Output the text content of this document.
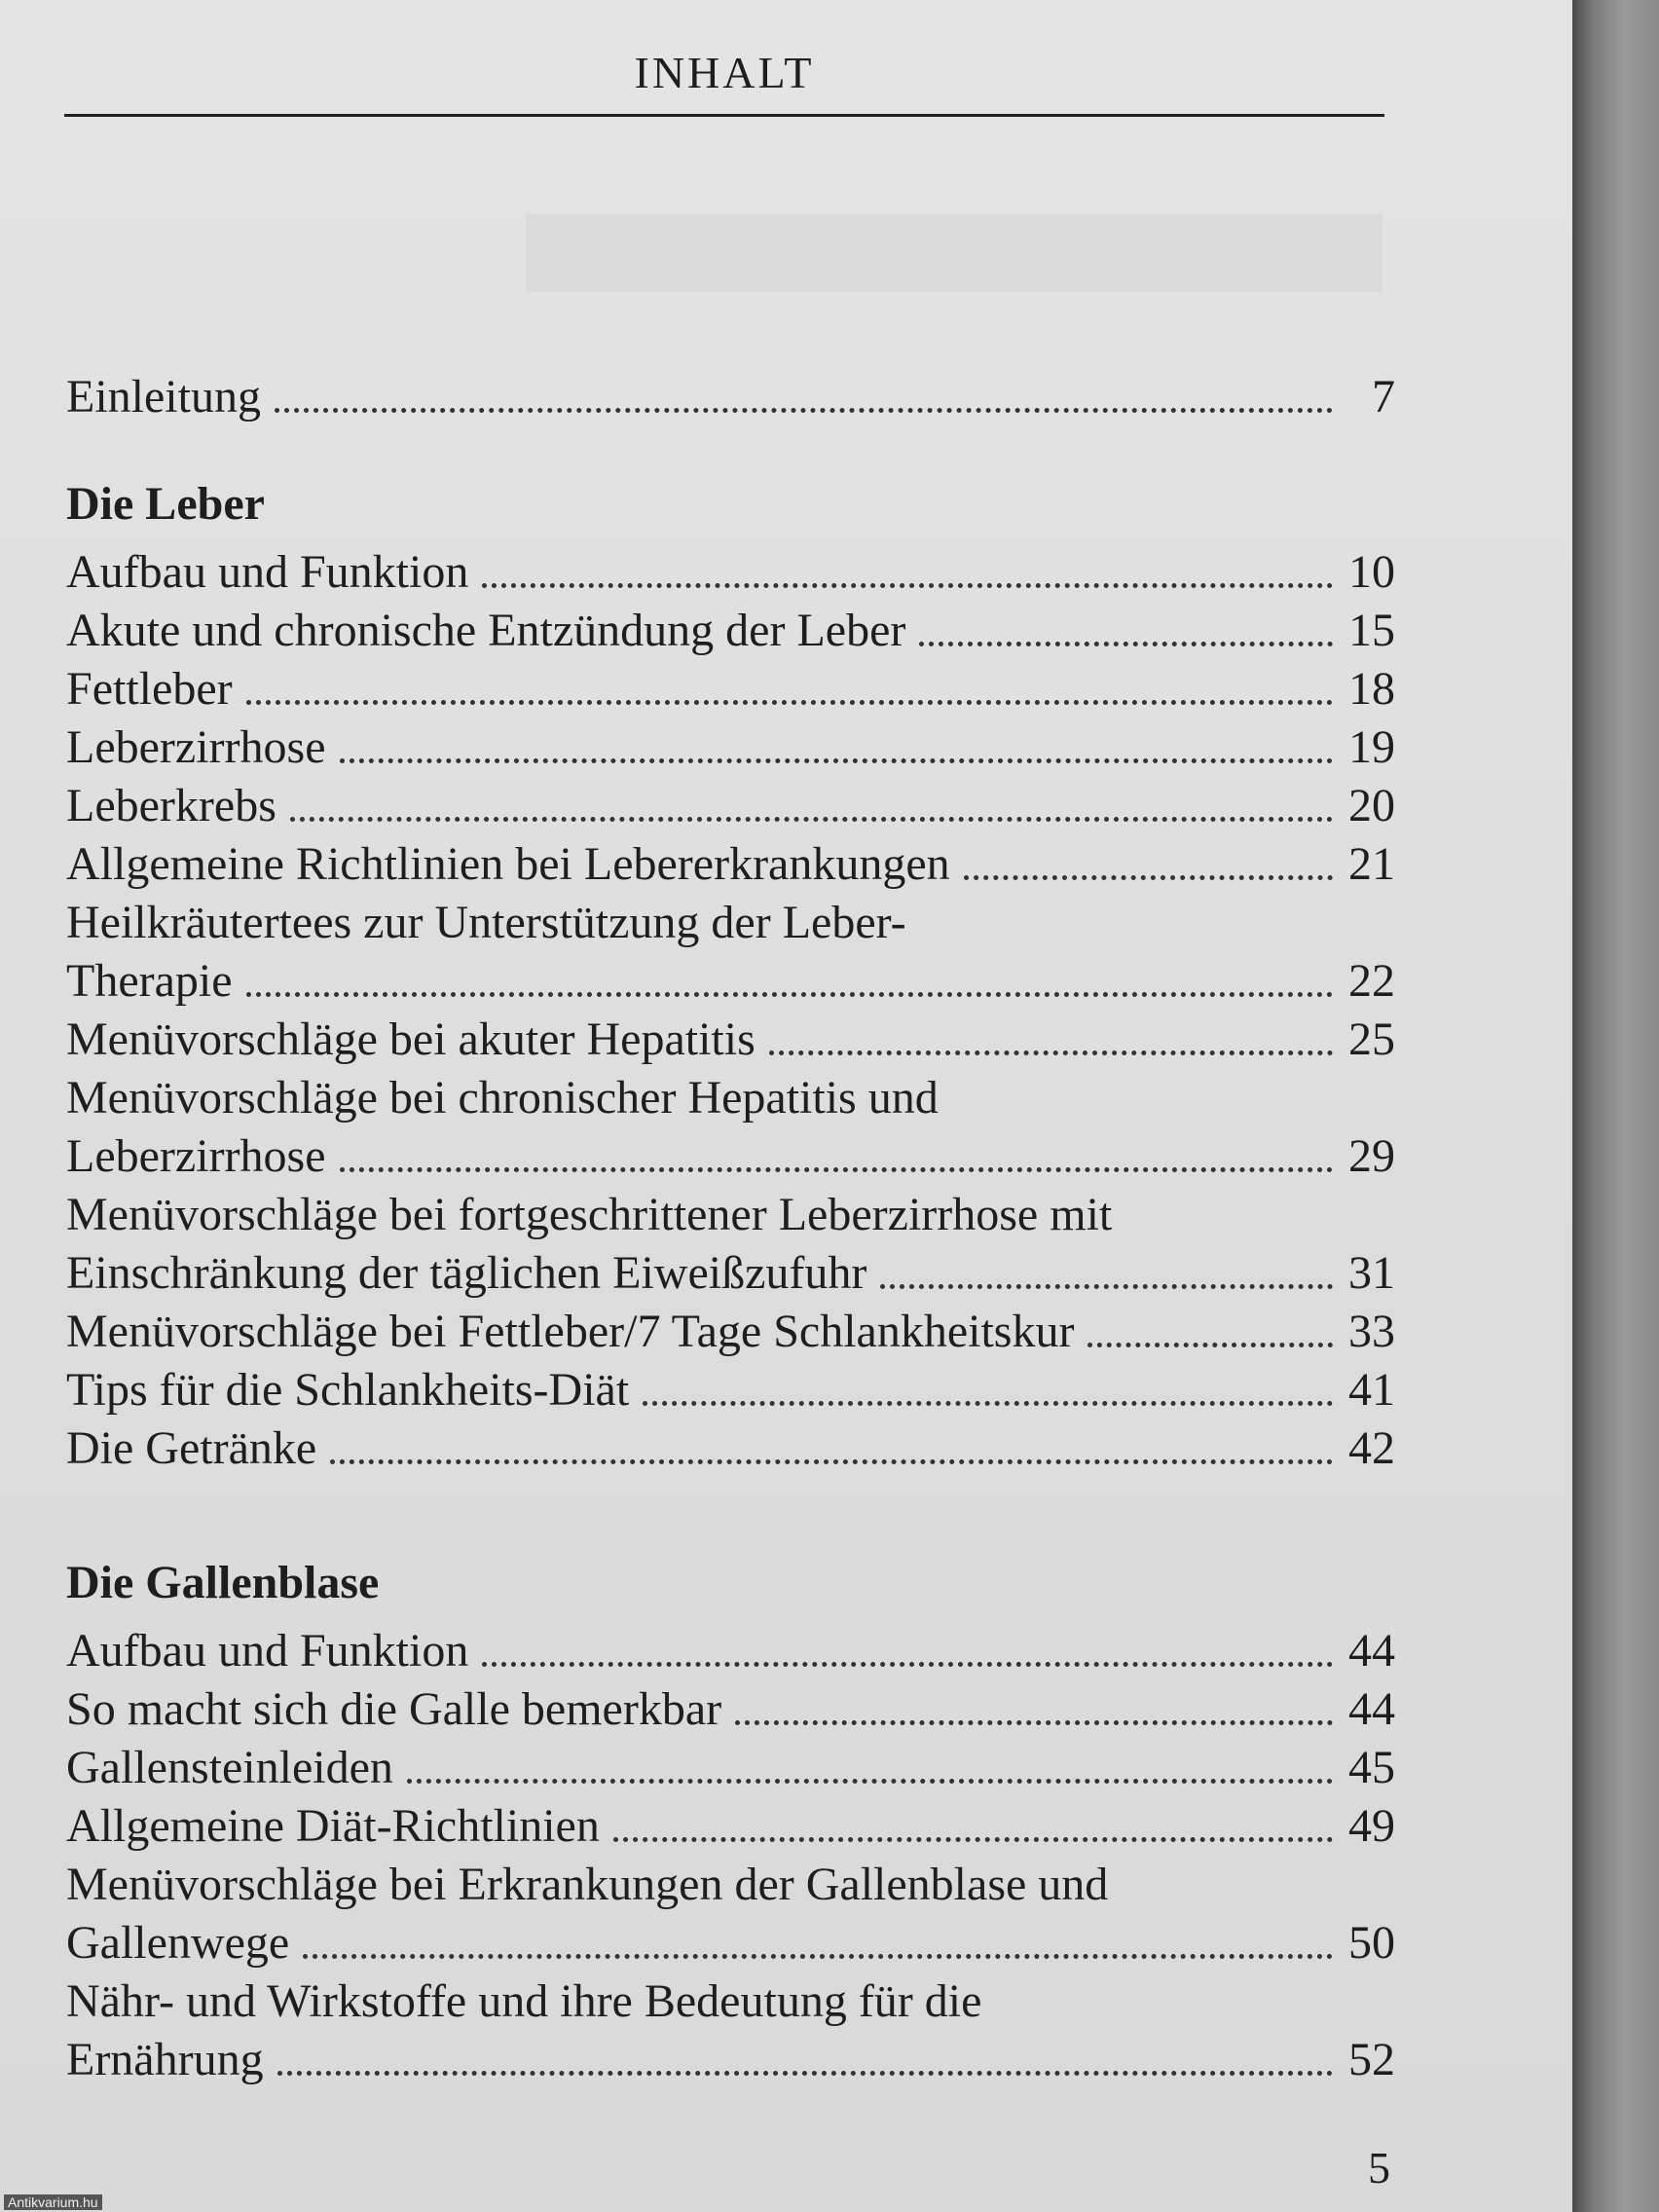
INHALT
Einleitung	7
Die Leber
Aufbau und Funktion	10
Akute und chronische Entzündung der Leber	15
Fettleber	18
Leberzirrhose	19
Leberkrebs	20
Allgemeine Richtlinien bei Lebererkrankungen	21
Heilkräutertees zur Unterstützung der Leber-
Therapie	22
Menüvorschläge bei akuter Hepatitis	25
Menüvorschläge bei chronischer Hepatitis und
Leberzirrhose	29
Menüvorschläge bei fortgeschrittener Leberzirrhose mit
Einschränkung der täglichen Eiweißzufuhr	31
Menüvorschläge bei Fettleber/7 Tage Schlankheitskur	33
Tips für die Schlankheits-Diät	41
Die Getränke	42
Die Gallenblase
Aufbau und Funktion	44
So macht sich die Galle bemerkbar	44
Gallensteinleiden	45
Allgemeine Diät-Richtlinien	49
Menüvorschläge bei Erkrankungen der Gallenblase und
Gallenwege	50
Nähr- und Wirkstoffe und ihre Bedeutung für die
Ernährung	52
5
Antikvarium.hu
